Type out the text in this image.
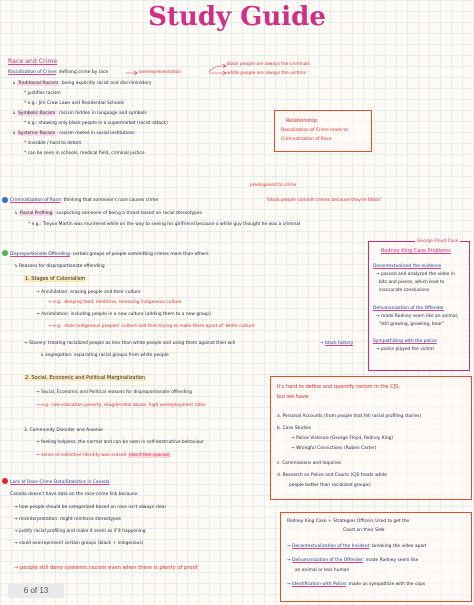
Study Guide
Race and Crime
Racialization of Crime: defining crime by race	overrepresentation
black people are always the criminals
white people are always the victims
↳ Traditional Racism: being explicitly racist and discriminatory
* justifies racism
* e.g.: Jim Crow Laws and Residential Schools
↳ Symbolic Racism: racism hidden in language and symbols
* e.g.: showing only black people in a supermarket (racist attack)
↳ Systemic Racism: racism rooted in social institutions
* invisible / hard to detect
* can be seen in schools, medical field, criminal justice
Relationship:
Racialization of Crime leads to
Criminalization of Race
predisposed to crime
Criminalization of Race: thinking that someone's race causes crime	"black people commit crimes because they're black"
↳ Racial Profiling: suspecting someone of being a threat based on racial stereotypes
* e.g.: Treyon Martin was murdered while on the way to seeing his girlfriend because a white guy thought he was a criminal
George Floyd Case
Rodney King Case Problems
Decontextualized the evidence
→ passed and analyzed the video in
bits and pieces, which lead to
inaccurate conclusions
Dehumanization of the Offender
→ made Rodney seem like an animal,
"still growing, growling, bear"
Sympathizing with the police
→ police played the victim
Disproportionate Offending: certain groups of people committing crimes more than others
↳ Reasons for disproportionate offending
1. Stages of Colonialism
→ Annihilation: erasing people and their culture
→ e.g.: denying food, medicine, removing indigenous culture
→ Assimilation: including people in a new culture (adding them to a new group)
→ e.g.: stole indigenous peoples' culture and then trying to make them apart of 'white culture'
→ Slavery: treating racialized people as less than white people and using them against their will	→ black history
↳ segregation: separating racial groups from white people
2. Social, Economic and Political Marginalization
→ Social, Economic and Political reasons for disproportionate offending
→ e.g.: low education poverty, drug/alcohol abuse, high unemployment rates
3. Community Disorder and Anomie
→ feeling helpless, the normal and can be seen in self-destructive behaviour
→ sense of collective identity was erased (don't feel special)
It's hard to define and quantify racism in the CJS,
but we have:
a. Personal Accounts (from people that fell racial profiling stories)
b. Case Studies
→ Police Violence (George Floyd, Rodney King)
→ Wrongful Convictions (Ruben Carter)
c. Commissions and Inquiries
d. Research on Police and Courts (CJS treats white
people better than racialized groups)
Lack of Race-Crime Data/Statistics in Canada
Canada doesn't have data on the race-crime link because:
→ how people should be categorized based on race isn't always clear
→ misinterpretation: might reinforce stereotypes
→ justify racial profiling and make it seem as if it happening
→ could overrepresent certain groups (black + indigenous)
→ people still deny systemic racism even when there is plenty of proof
Rodney King Case + Strategies Officers Used to get the
Court on their Side
→ Decontextualization of the Incident: breaking the video apart
→ Dehumanization of the Offender: made Rodney seem like
an animal or less human
→ Identification with Police: made us sympathize with the cops
6 of 13
